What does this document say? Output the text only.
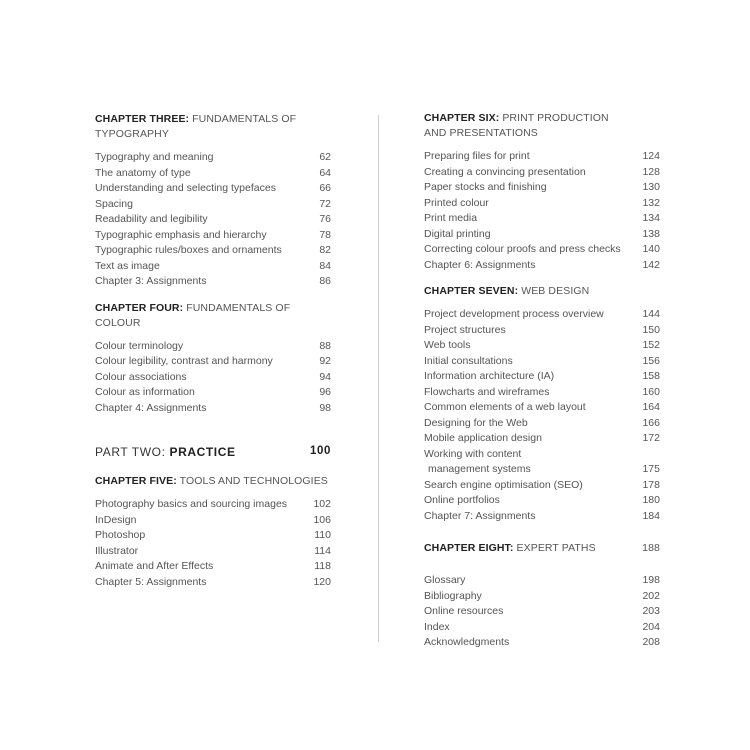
CHAPTER THREE: FUNDAMENTALS OF
TYPOGRAPHY
Typography and meaning	62
The anatomy of type	64
Understanding and selecting typefaces	66
Spacing	72
Readability and legibility	76
Typographic emphasis and hierarchy	78
Typographic rules/boxes and ornaments	82
Text as image	84
Chapter 3: Assignments	86
CHAPTER FOUR: FUNDAMENTALS OF COLOUR
Colour terminology	88
Colour legibility, contrast and harmony	92
Colour associations	94
Colour as information	96
Chapter 4: Assignments	98
PART TWO: PRACTICE	100
CHAPTER FIVE: TOOLS AND TECHNOLOGIES
Photography basics and sourcing images	102
InDesign	106
Photoshop	110
Illustrator	114
Animate and After Effects	118
Chapter 5: Assignments	120
CHAPTER SIX: PRINT PRODUCTION
AND PRESENTATIONS
Preparing files for print	124
Creating a convincing presentation	128
Paper stocks and finishing	130
Printed colour	132
Print media	134
Digital printing	138
Correcting colour proofs and press checks 140
Chapter 6: Assignments	142
CHAPTER SEVEN: WEB DESIGN
Project development process overview	144
Project structures	150
Web tools	152
Initial consultations	156
Information architecture (IA)	158
Flowcharts and wireframes	160
Common elements of a web layout	164
Designing for the Web	166
Mobile application design	172
Working with content
management systems	175
Search engine optimisation (SEO)	178
Online portfolios	180
Chapter 7: Assignments	184
CHAPTER EIGHT: EXPERT PATHS	188
Glossary	198
Bibliography	202
Online resources	203
Index	204
Acknowledgments	208
